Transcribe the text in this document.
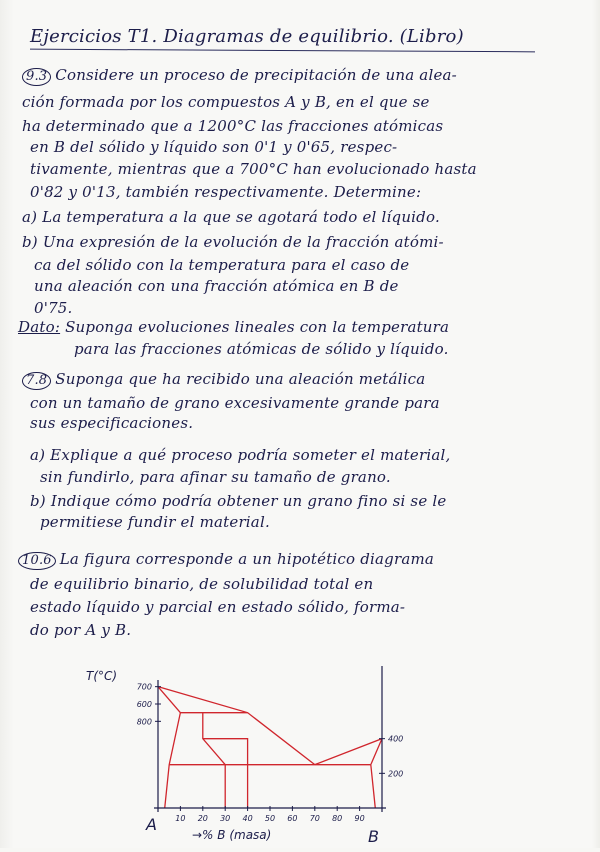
Ejercicios T1. Diagramas de equilibrio. (Libro)
9.3 Considere un proceso de precipitación de una alea-
ción formada por los compuestos A y B, en el que se
ha determinado que a 1200°C las fracciones atómicas
en B del sólido y líquido son 0'1 y 0'65, respec-
tivamente, mientras que a 700°C han evolucionado hasta
0'82 y 0'13, también respectivamente. Determine:
a) La temperatura a la que se agotará todo el líquido.
b) Una expresión de la evolución de la fracción atómi-
ca del sólido con la temperatura para el caso de
una aleación con una fracción atómica en B de
0'75.
Dato: Suponga evoluciones lineales con la temperatura
para las fracciones atómicas de sólido y líquido.
7.8 Suponga que ha recibido una aleación metálica
con un tamaño de grano excesivamente grande para
sus especificaciones.
a) Explique a qué proceso podría someter el material,
sin fundirlo, para afinar su tamaño de grano.
b) Indique cómo podría obtener un grano fino si se le
permitiese fundir el material.
10.6 La figura corresponde a un hipotético diagrama
de equilibrio binario, de solubilidad total en
estado líquido y parcial en estado sólido, forma-
do por A y B.
10 20 30 40 50 60 70 80 90
700
600
800
400
200
T(°C)
→% B (masa)
A
B
